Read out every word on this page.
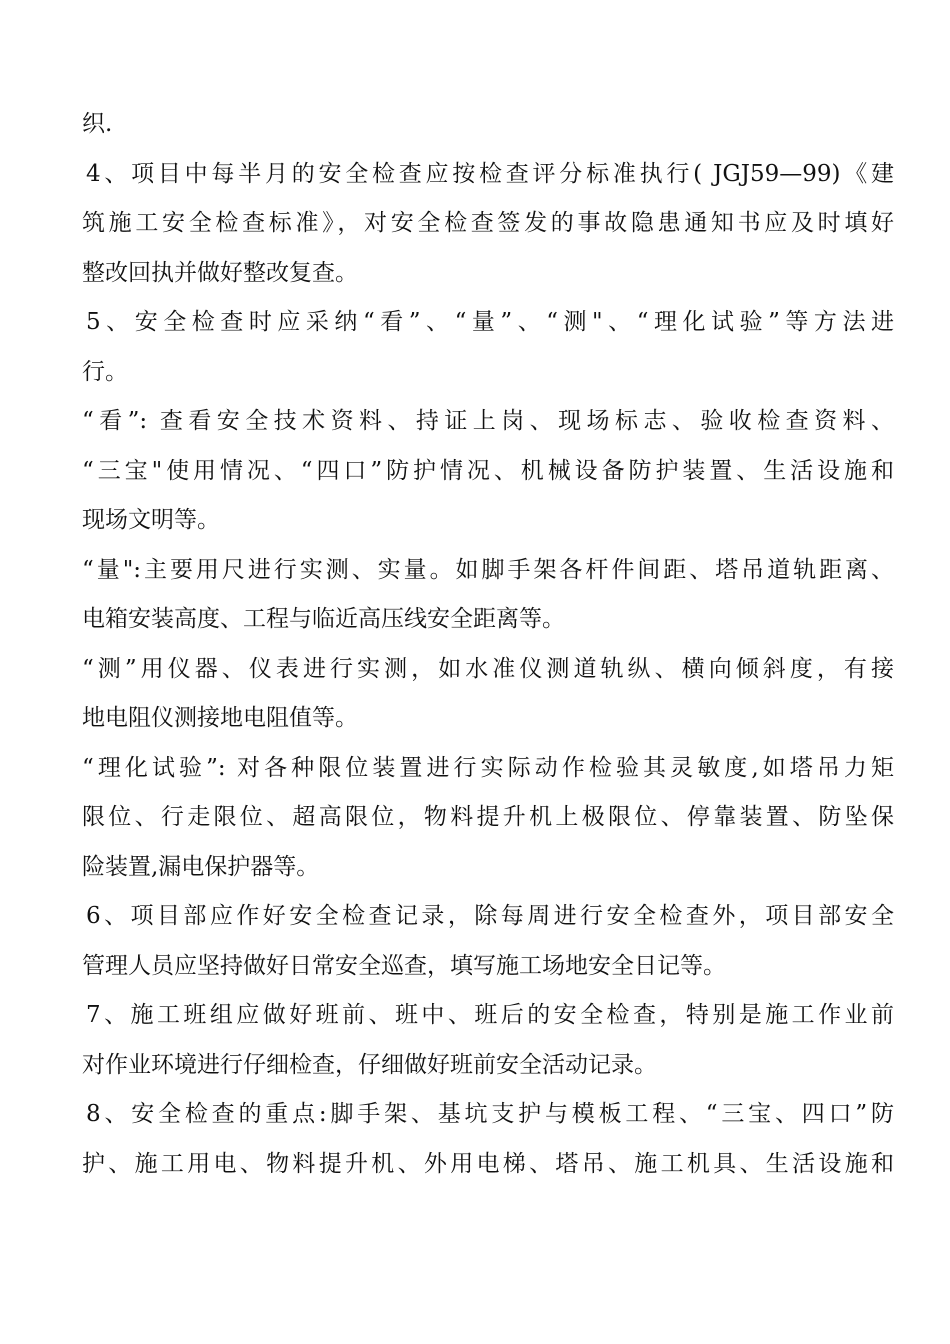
织.
4、项目中每半月的安全检查应按检查评分标准执行( JGJ59—99)《建
筑施工安全检查标准》，对安全检查签发的事故隐患通知书应及时填好
整改回执并做好整改复查。
5、安全检查时应采纳“看”、“量”、“测"、“理化试验”等方法进
行。
“看”: 查看安全技术资料、持证上岗、现场标志、验收检查资料、
“三宝"使用情况、“四口”防护情况、机械设备防护装置、生活设施和
现场文明等。
“量":主要用尺进行实测、实量。如脚手架各杆件间距、塔吊道轨距离、
电箱安装高度、工程与临近高压线安全距离等。
“测”用仪器、仪表进行实测，如水准仪测道轨纵、横向倾斜度，有接
地电阻仪测接地电阻值等。
“理化试验”: 对各种限位装置进行实际动作检验其灵敏度,如塔吊力矩
限位、行走限位、超高限位，物料提升机上极限位、停靠装置、防坠保
险装置,漏电保护器等。
6、项目部应作好安全检查记录，除每周进行安全检查外，项目部安全
管理人员应坚持做好日常安全巡查，填写施工场地安全日记等。
7、施工班组应做好班前、班中、班后的安全检查，特别是施工作业前
对作业环境进行仔细检查，仔细做好班前安全活动记录。
8、安全检查的重点:脚手架、基坑支护与模板工程、“三宝、四口”防
护、施工用电、物料提升机、外用电梯、塔吊、施工机具、生活设施和
